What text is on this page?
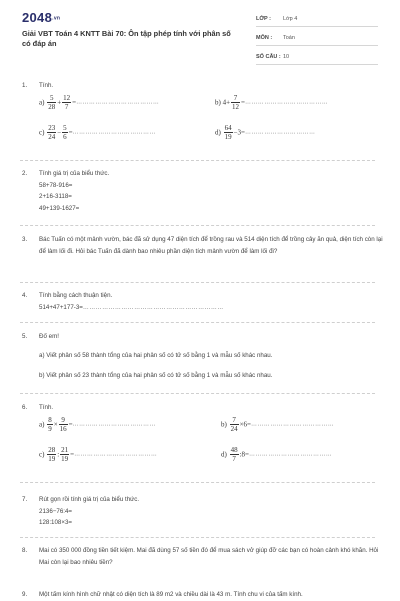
2048.vn
Giải VBT Toán 4 KNTT Bài 70: Ôn tập phép tính với phân số có đáp án
LỚP : Lớp 4
MÔN : Toán
SỐ CÂU : 10
1. Tính.
$a) \frac{5}{28} + \frac{12}{7}$ =…………………………………	b) $4+ \frac{7}{12}$ =…………………………………
$c) \frac{23}{24} - \frac{5}{6}$ =…………………………………	$d) \frac{64}{19}$ −3=……………………………
2. Tính giá trị của biểu thức.
58+78-916=
2+16-3118=
49+139-1627=
3. Bác Tuấn có một mảnh vườn, bác đã sử dụng 47 diện tích để trồng rau và 514 diện tích để trồng cây ăn quả, diện tích còn lại để làm lối đi. Hỏi bác Tuấn đã dành bao nhiêu phần diện tích mảnh vườn để làm lối đi?
4. Tính bằng cách thuận tiện.
514+47+177-3=…………………………………………………………
5. Đố em!
a) Viết phân số 58 thành tổng của hai phân số có tử số bằng 1 và mẫu số khác nhau.
b) Viết phân số 23 thành tổng của hai phân số có tử số bằng 1 và mẫu số khác nhau.
6. Tính.
$a) \frac{8}{9} \times \frac{9}{16}$ =…………………………………	$b) \frac{7}{24}$ ×6=…………………………………
$c) \frac{28}{19}$ : $\frac{21}{19}$ =…………………………………	$d) \frac{48}{7}$ :8=…………………………………
7. Rút gọn rồi tính giá trị của biểu thức.
2136−76:4=
128:108×3=
8. Mai có 350 000 đồng tiền tiết kiệm. Mai đã dùng 57 số tiền đó để mua sách vở giúp đỡ các bạn có hoàn cảnh khó khăn. Hỏi Mai còn lại bao nhiêu tiền?
9. Một tấm kính hình chữ nhật có diện tích là 89 m2 và chiều dài là 43 m. Tính chu vi của tấm kính.
